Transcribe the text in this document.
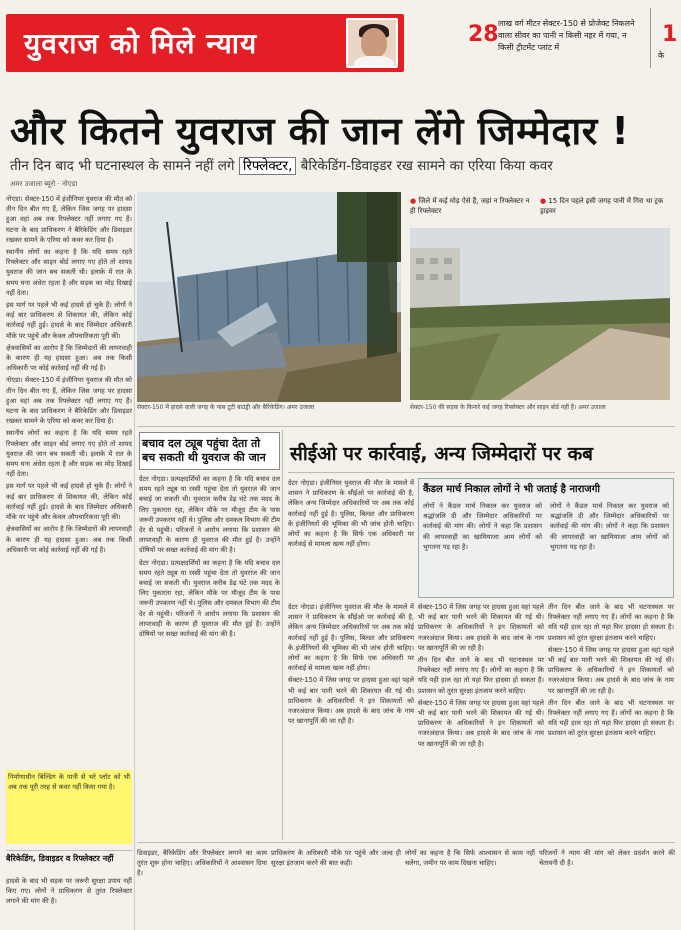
युवराज को मिले न्याय	28 लाख वर्ग मीटर सेक्टर-150 से प्रोजेक्ट निकलने वाला सीवर का पानी न किसी नहर में गया, न किसी ट्रीटमेंट प्लांट में
1
के
और कितने युवराज की जान लेंगे जिम्मेदार !
तीन दिन बाद भी घटनास्थल के सामने नहीं लगे रिफ्लेक्टर, बैरिकेडिंग-डिवाइडर रख सामने का एरिया किया कवर
अमर उजाला ब्यूरो · नोएडा

नोएडा। सेक्टर-150 में इंजीनियर युवराज की मौत को तीन दिन बीत गए हैं, लेकिन जिस जगह पर हादसा हुआ वहां अब तक रिफ्लेक्टर नहीं लगाए गए हैं। घटना के बाद प्राधिकरण ने बैरिकेडिंग और डिवाइडर रखकर सामने के एरिया को कवर कर दिया है।

स्थानीय लोगों का कहना है कि यदि समय रहते रिफ्लेक्टर और साइन बोर्ड लगाए गए होते तो शायद युवराज की जान बच सकती थी। इलाके में रात के समय घना अंधेरा रहता है और सड़क का मोड़ दिखाई नहीं देता।

इस मार्ग पर पहले भी कई हादसे हो चुके हैं। लोगों ने कई बार प्राधिकरण से शिकायत की, लेकिन कोई कार्रवाई नहीं हुई। हादसे के बाद जिम्मेदार अधिकारी मौके पर पहुंचे और केवल औपचारिकता पूरी की।

क्षेत्रवासियों का आरोप है कि जिम्मेदारों की लापरवाही के कारण ही यह हादसा हुआ। अब तक किसी अधिकारी पर कोई कार्रवाई नहीं की गई है।

नोएडा। सेक्टर-150 में इंजीनियर युवराज की मौत को तीन दिन बीत गए हैं, लेकिन जिस जगह पर हादसा हुआ वहां अब तक रिफ्लेक्टर नहीं लगाए गए हैं। घटना के बाद प्राधिकरण ने बैरिकेडिंग और डिवाइडर रखकर सामने के एरिया को कवर कर दिया है।

स्थानीय लोगों का कहना है कि यदि समय रहते रिफ्लेक्टर और साइन बोर्ड लगाए गए होते तो शायद युवराज की जान बच सकती थी। इलाके में रात के समय घना अंधेरा रहता है और सड़क का मोड़ दिखाई नहीं देता।

इस मार्ग पर पहले भी कई हादसे हो चुके हैं। लोगों ने कई बार प्राधिकरण से शिकायत की, लेकिन कोई कार्रवाई नहीं हुई। हादसे के बाद जिम्मेदार अधिकारी मौके पर पहुंचे और केवल औपचारिकता पूरी की।

क्षेत्रवासियों का आरोप है कि जिम्मेदारों की लापरवाही के कारण ही यह हादसा हुआ। अब तक किसी अधिकारी पर कोई कार्रवाई नहीं की गई है।

निर्माणाधीन बिल्डिंग के पानी से भरे प्लॉट को भी अब तक पूरी तरह से कवर नहीं किया गया है।
बैरिकेडिंग, डिवाइडर व रिफ्लेक्टर नहीं
हादसे के बाद भी सड़क पर जरूरी सुरक्षा उपाय नहीं किए गए। लोगों ने प्राधिकरण से तुरंत रिफ्लेक्टर लगाने की मांग की है।
सेक्टर-150 में हादसे वाली जगह के पास टूटी बाउंड्री और बैरिकेडिंग। अमर उजाला
● जिले में कई मोड़ ऐसे हैं, जहां न रिफ्लेक्टर न ही रिफ्लेक्टर
● 15 दिन पहले इसी जगह पानी में गिरा था ट्रक ड्राइवर
सेक्टर-150 की सड़क के किनारे कई जगह रिफ्लेक्टर और साइन बोर्ड नहीं हैं। अमर उजाला
बचाव दल ट्यूब पहुंचा देता तो बच सकती थी युवराज की जान

ग्रेटर नोएडा। प्रत्यक्षदर्शियों का कहना है कि यदि बचाव दल समय रहते ट्यूब या रस्सी पहुंचा देता तो युवराज की जान बचाई जा सकती थी। युवराज करीब डेढ़ घंटे तक मदद के लिए पुकारता रहा, लेकिन मौके पर मौजूद टीम के पास जरूरी उपकरण नहीं थे। पुलिस और दमकल विभाग की टीम देर से पहुंची। परिजनों ने आरोप लगाया कि प्रशासन की लापरवाही के कारण ही युवराज की मौत हुई है। उन्होंने दोषियों पर सख्त कार्रवाई की मांग की है।

ग्रेटर नोएडा। प्रत्यक्षदर्शियों का कहना है कि यदि बचाव दल समय रहते ट्यूब या रस्सी पहुंचा देता तो युवराज की जान बचाई जा सकती थी। युवराज करीब डेढ़ घंटे तक मदद के लिए पुकारता रहा, लेकिन मौके पर मौजूद टीम के पास जरूरी उपकरण नहीं थे। पुलिस और दमकल विभाग की टीम देर से पहुंची। परिजनों ने आरोप लगाया कि प्रशासन की लापरवाही के कारण ही युवराज की मौत हुई है। उन्होंने दोषियों पर सख्त कार्रवाई की मांग की है।

सीईओ पर कार्रवाई, अन्य जिम्मेदारों पर कब
ग्रेटर नोएडा। इंजीनियर युवराज की मौत के मामले में शासन ने प्राधिकरण के सीईओ पर कार्रवाई की है, लेकिन अन्य जिम्मेदार अधिकारियों पर अब तक कोई कार्रवाई नहीं हुई है। पुलिस, बिल्डर और प्राधिकरण के इंजीनियरों की भूमिका की भी जांच होनी चाहिए। लोगों का कहना है कि सिर्फ एक अधिकारी पर कार्रवाई से मामला खत्म नहीं होगा।
कैंडल मार्च निकाल लोगों ने भी जताई है नाराजगी

लोगों ने कैंडल मार्च निकाल कर युवराज को श्रद्धांजलि दी और जिम्मेदार अधिकारियों पर कार्रवाई की मांग की। लोगों ने कहा कि प्रशासन की लापरवाही का खामियाजा आम लोगों को भुगतना पड़ रहा है।

लोगों ने कैंडल मार्च निकाल कर युवराज को श्रद्धांजलि दी और जिम्मेदार अधिकारियों पर कार्रवाई की मांग की। लोगों ने कहा कि प्रशासन की लापरवाही का खामियाजा आम लोगों को भुगतना पड़ रहा है।

ग्रेटर नोएडा। इंजीनियर युवराज की मौत के मामले में शासन ने प्राधिकरण के सीईओ पर कार्रवाई की है, लेकिन अन्य जिम्मेदार अधिकारियों पर अब तक कोई कार्रवाई नहीं हुई है। पुलिस, बिल्डर और प्राधिकरण के इंजीनियरों की भूमिका की भी जांच होनी चाहिए। लोगों का कहना है कि सिर्फ एक अधिकारी पर कार्रवाई से मामला खत्म नहीं होगा।

सेक्टर-150 में जिस जगह पर हादसा हुआ वहां पहले भी कई बार पानी भरने की शिकायत की गई थी। प्राधिकरण के अधिकारियों ने इन शिकायतों को नजरअंदाज किया। अब हादसे के बाद जांच के नाम पर खानापूर्ति की जा रही है।

सेक्टर-150 में जिस जगह पर हादसा हुआ वहां पहले भी कई बार पानी भरने की शिकायत की गई थी। प्राधिकरण के अधिकारियों ने इन शिकायतों को नजरअंदाज किया। अब हादसे के बाद जांच के नाम पर खानापूर्ति की जा रही है।

तीन दिन बीत जाने के बाद भी घटनास्थल पर रिफ्लेक्टर नहीं लगाए गए हैं। लोगों का कहना है कि यदि यही हाल रहा तो यहां फिर हादसा हो सकता है। प्रशासन को तुरंत सुरक्षा इंतजाम करने चाहिए।

सेक्टर-150 में जिस जगह पर हादसा हुआ वहां पहले भी कई बार पानी भरने की शिकायत की गई थी। प्राधिकरण के अधिकारियों ने इन शिकायतों को नजरअंदाज किया। अब हादसे के बाद जांच के नाम पर खानापूर्ति की जा रही है।

तीन दिन बीत जाने के बाद भी घटनास्थल पर रिफ्लेक्टर नहीं लगाए गए हैं। लोगों का कहना है कि यदि यही हाल रहा तो यहां फिर हादसा हो सकता है। प्रशासन को तुरंत सुरक्षा इंतजाम करने चाहिए।

सेक्टर-150 में जिस जगह पर हादसा हुआ वहां पहले भी कई बार पानी भरने की शिकायत की गई थी। प्राधिकरण के अधिकारियों ने इन शिकायतों को नजरअंदाज किया। अब हादसे के बाद जांच के नाम पर खानापूर्ति की जा रही है।

तीन दिन बीत जाने के बाद भी घटनास्थल पर रिफ्लेक्टर नहीं लगाए गए हैं। लोगों का कहना है कि यदि यही हाल रहा तो यहां फिर हादसा हो सकता है। प्रशासन को तुरंत सुरक्षा इंतजाम करने चाहिए।

डिवाइडर, बैरिकेडिंग और रिफ्लेक्टर लगाने का काम तुरंत शुरू होना चाहिए। अधिकारियों ने आश्वासन दिया है।
प्राधिकरण के अधिकारी मौके पर पहुंचे और जल्द ही सुरक्षा इंतजाम करने की बात कही।
लोगों का कहना है कि सिर्फ आश्वासन से काम नहीं चलेगा, जमीन पर काम दिखना चाहिए।
परिजनों ने न्याय की मांग को लेकर प्रदर्शन करने की चेतावनी दी है।
